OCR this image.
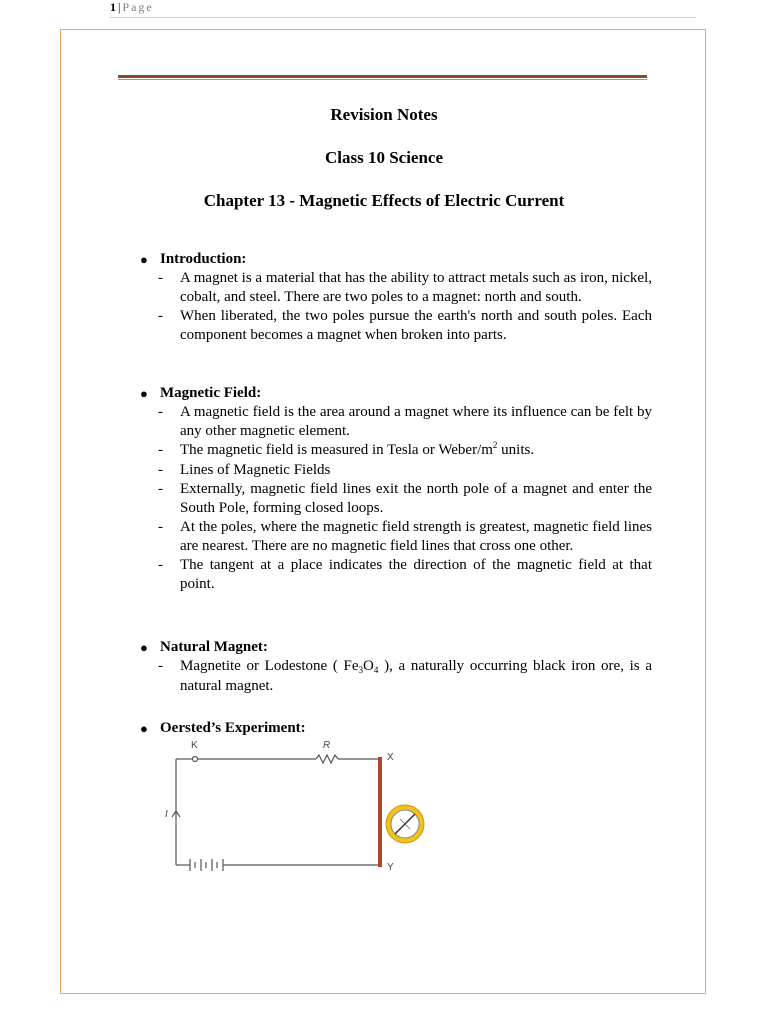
1 | Page
Revision Notes
Class 10 Science
Chapter 13 - Magnetic Effects of Electric Current
● Introduction:
- A magnet is a material that has the ability to attract metals such as iron, nickel, cobalt, and steel. There are two poles to a magnet: north and south.
- When liberated, the two poles pursue the earth's north and south poles. Each component becomes a magnet when broken into parts.
● Magnetic Field:
- A magnetic field is the area around a magnet where its influence can be felt by any other magnetic element.
- The magnetic field is measured in Tesla or Weber/$m^2$ units.
- Lines of Magnetic Fields
- Externally, magnetic field lines exit the north pole of a magnet and enter the South Pole, forming closed loops.
- At the poles, where the magnetic field strength is greatest, magnetic field lines are nearest. There are no magnetic field lines that cross one other.
- The tangent at a place indicates the direction of the magnetic field at that point.
● Natural Magnet:
- Magnetite or Lodestone ( $Fe_3O_4$ ), a naturally occurring black iron ore, is a natural magnet.
● Oersted’s Experiment:
K	R
X
Y
I
